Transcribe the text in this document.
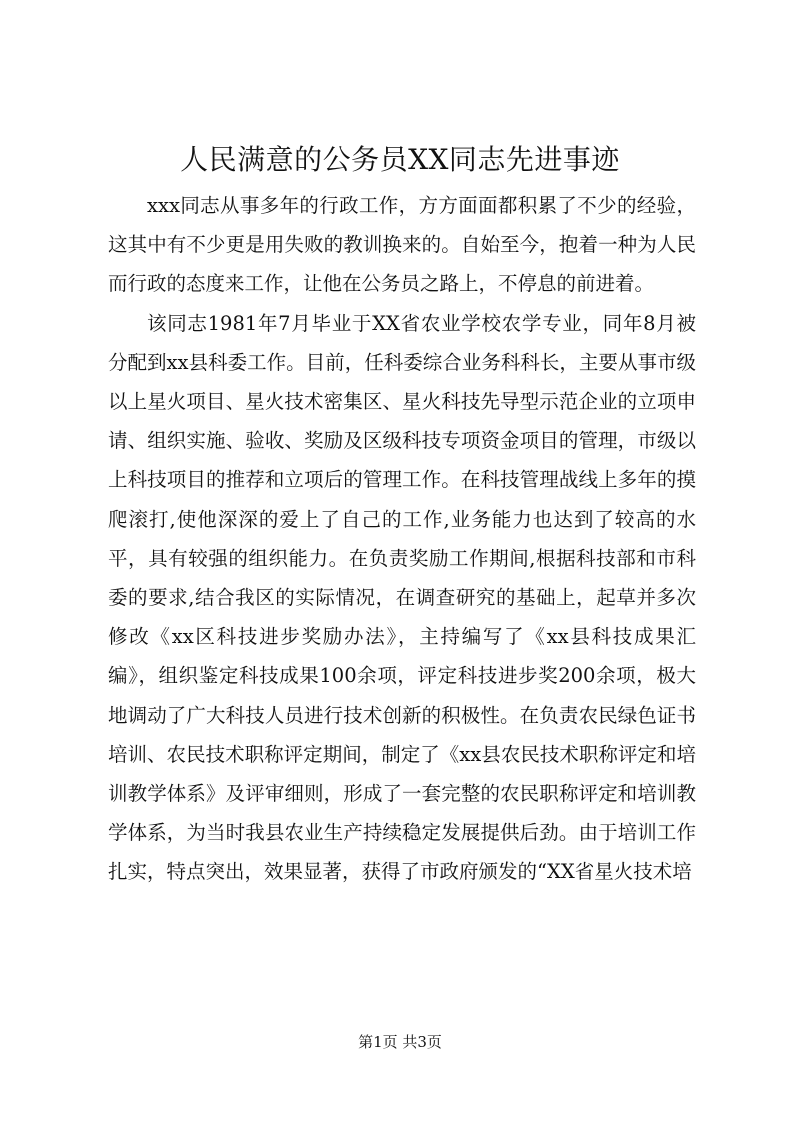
人民满意的公务员XX同志先进事迹

xxx同志从事多年的行政工作，方方面面都积累了不少的经验，这其中有不少更是用失败的教训换来的。自始至今，抱着一种为人民而行政的态度来工作，让他在公务员之路上，不停息的前进着。

该同志1981年7月毕业于XX省农业学校农学专业，同年8月被分配到xx县科委工作。目前，任科委综合业务科科长，主要从事市级以上星火项目、星火技术密集区、星火科技先导型示范企业的立项申请、组织实施、验收、奖励及区级科技专项资金项目的管理，市级以上科技项目的推荐和立项后的管理工作。在科技管理战线上多年的摸爬滚打,使他深深的爱上了自己的工作,业务能力也达到了较高的水平，具有较强的组织能力。在负责奖励工作期间,根据科技部和市科委的要求,结合我区的实际情况，在调查研究的基础上，起草并多次修改《xx区科技进步奖励办法》，主持编写了《xx县科技成果汇编》，组织鉴定科技成果100余项，评定科技进步奖200余项，极大地调动了广大科技人员进行技术创新的积极性。在负责农民绿色证书培训、农民技术职称评定期间，制定了《xx县农民技术职称评定和培训教学体系》及评审细则，形成了一套完整的农民职称评定和培训教学体系，为当时我县农业生产持续稳定发展提供后劲。由于培训工作扎实，特点突出，效果显著，获得了市政府颁发的“XX省星火技术培

第1页 共3页
